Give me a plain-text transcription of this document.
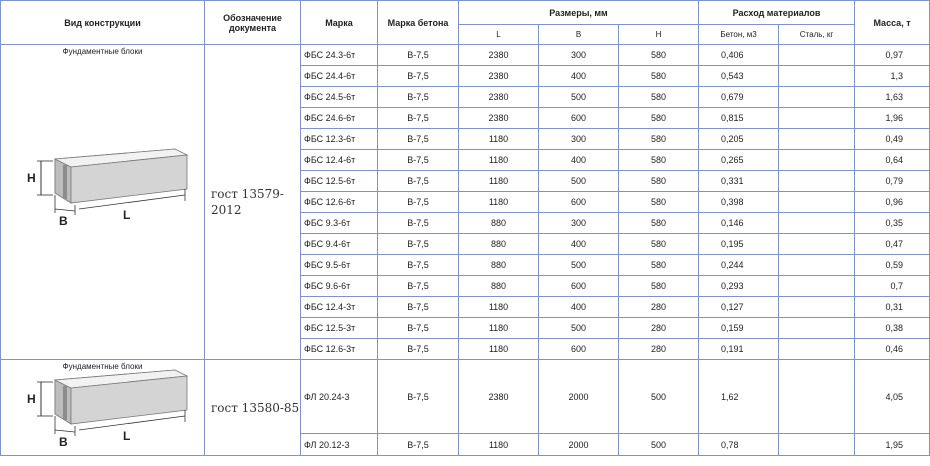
Вид конструкции	Обозначение документа	Марка	Марка бетона	Размеры, мм			Расход материалов		Масса, т
				L	B	H	Бетон, м3	Сталь, кг	

Фундаментные блоки
H
B L	гост 13579-2012	ФБС 24.3-6т	B-7,5	2380	300	580	0,406		0,97
		ФБС 24.4-6т	B-7,5	2380	400	580	0,543		1,3
		ФБС 24.5-6т	B-7,5	2380	500	580	0,679		1,63
		ФБС 24.6-6т	B-7,5	2380	600	580	0,815		1,96
		ФБС 12.3-6т	B-7,5	1180	300	580	0,205		0,49
		ФБС 12.4-6т	B-7,5	1180	400	580	0,265		0,64
		ФБС 12.5-6т	B-7,5	1180	500	580	0,331		0,79
		ФБС 12.6-6т	B-7,5	1180	600	580	0,398		0,96
		ФБС 9.3-6т	B-7,5	880	300	580	0,146		0,35
		ФБС 9.4-6т	B-7,5	880	400	580	0,195		0,47
		ФБС 9.5-6т	B-7,5	880	500	580	0,244		0,59
		ФБС 9.6-6т	B-7,5	880	600	580	0,293		0,7
		ФБС 12.4-3т	B-7,5	1180	400	280	0,127		0,31
		ФБС 12.5-3т	B-7,5	1180	500	280	0,159		0,38
		ФБС 12.6-3т	B-7,5	1180	600	280	0,191		0,46

Фундаментные блоки
H
B L	гост 13580-85	ФЛ 20.24-3	B-7,5	2380	2000	500	1,62		4,05
		ФЛ 20.12-3	B-7,5	1180	2000	500	0,78		1,95
